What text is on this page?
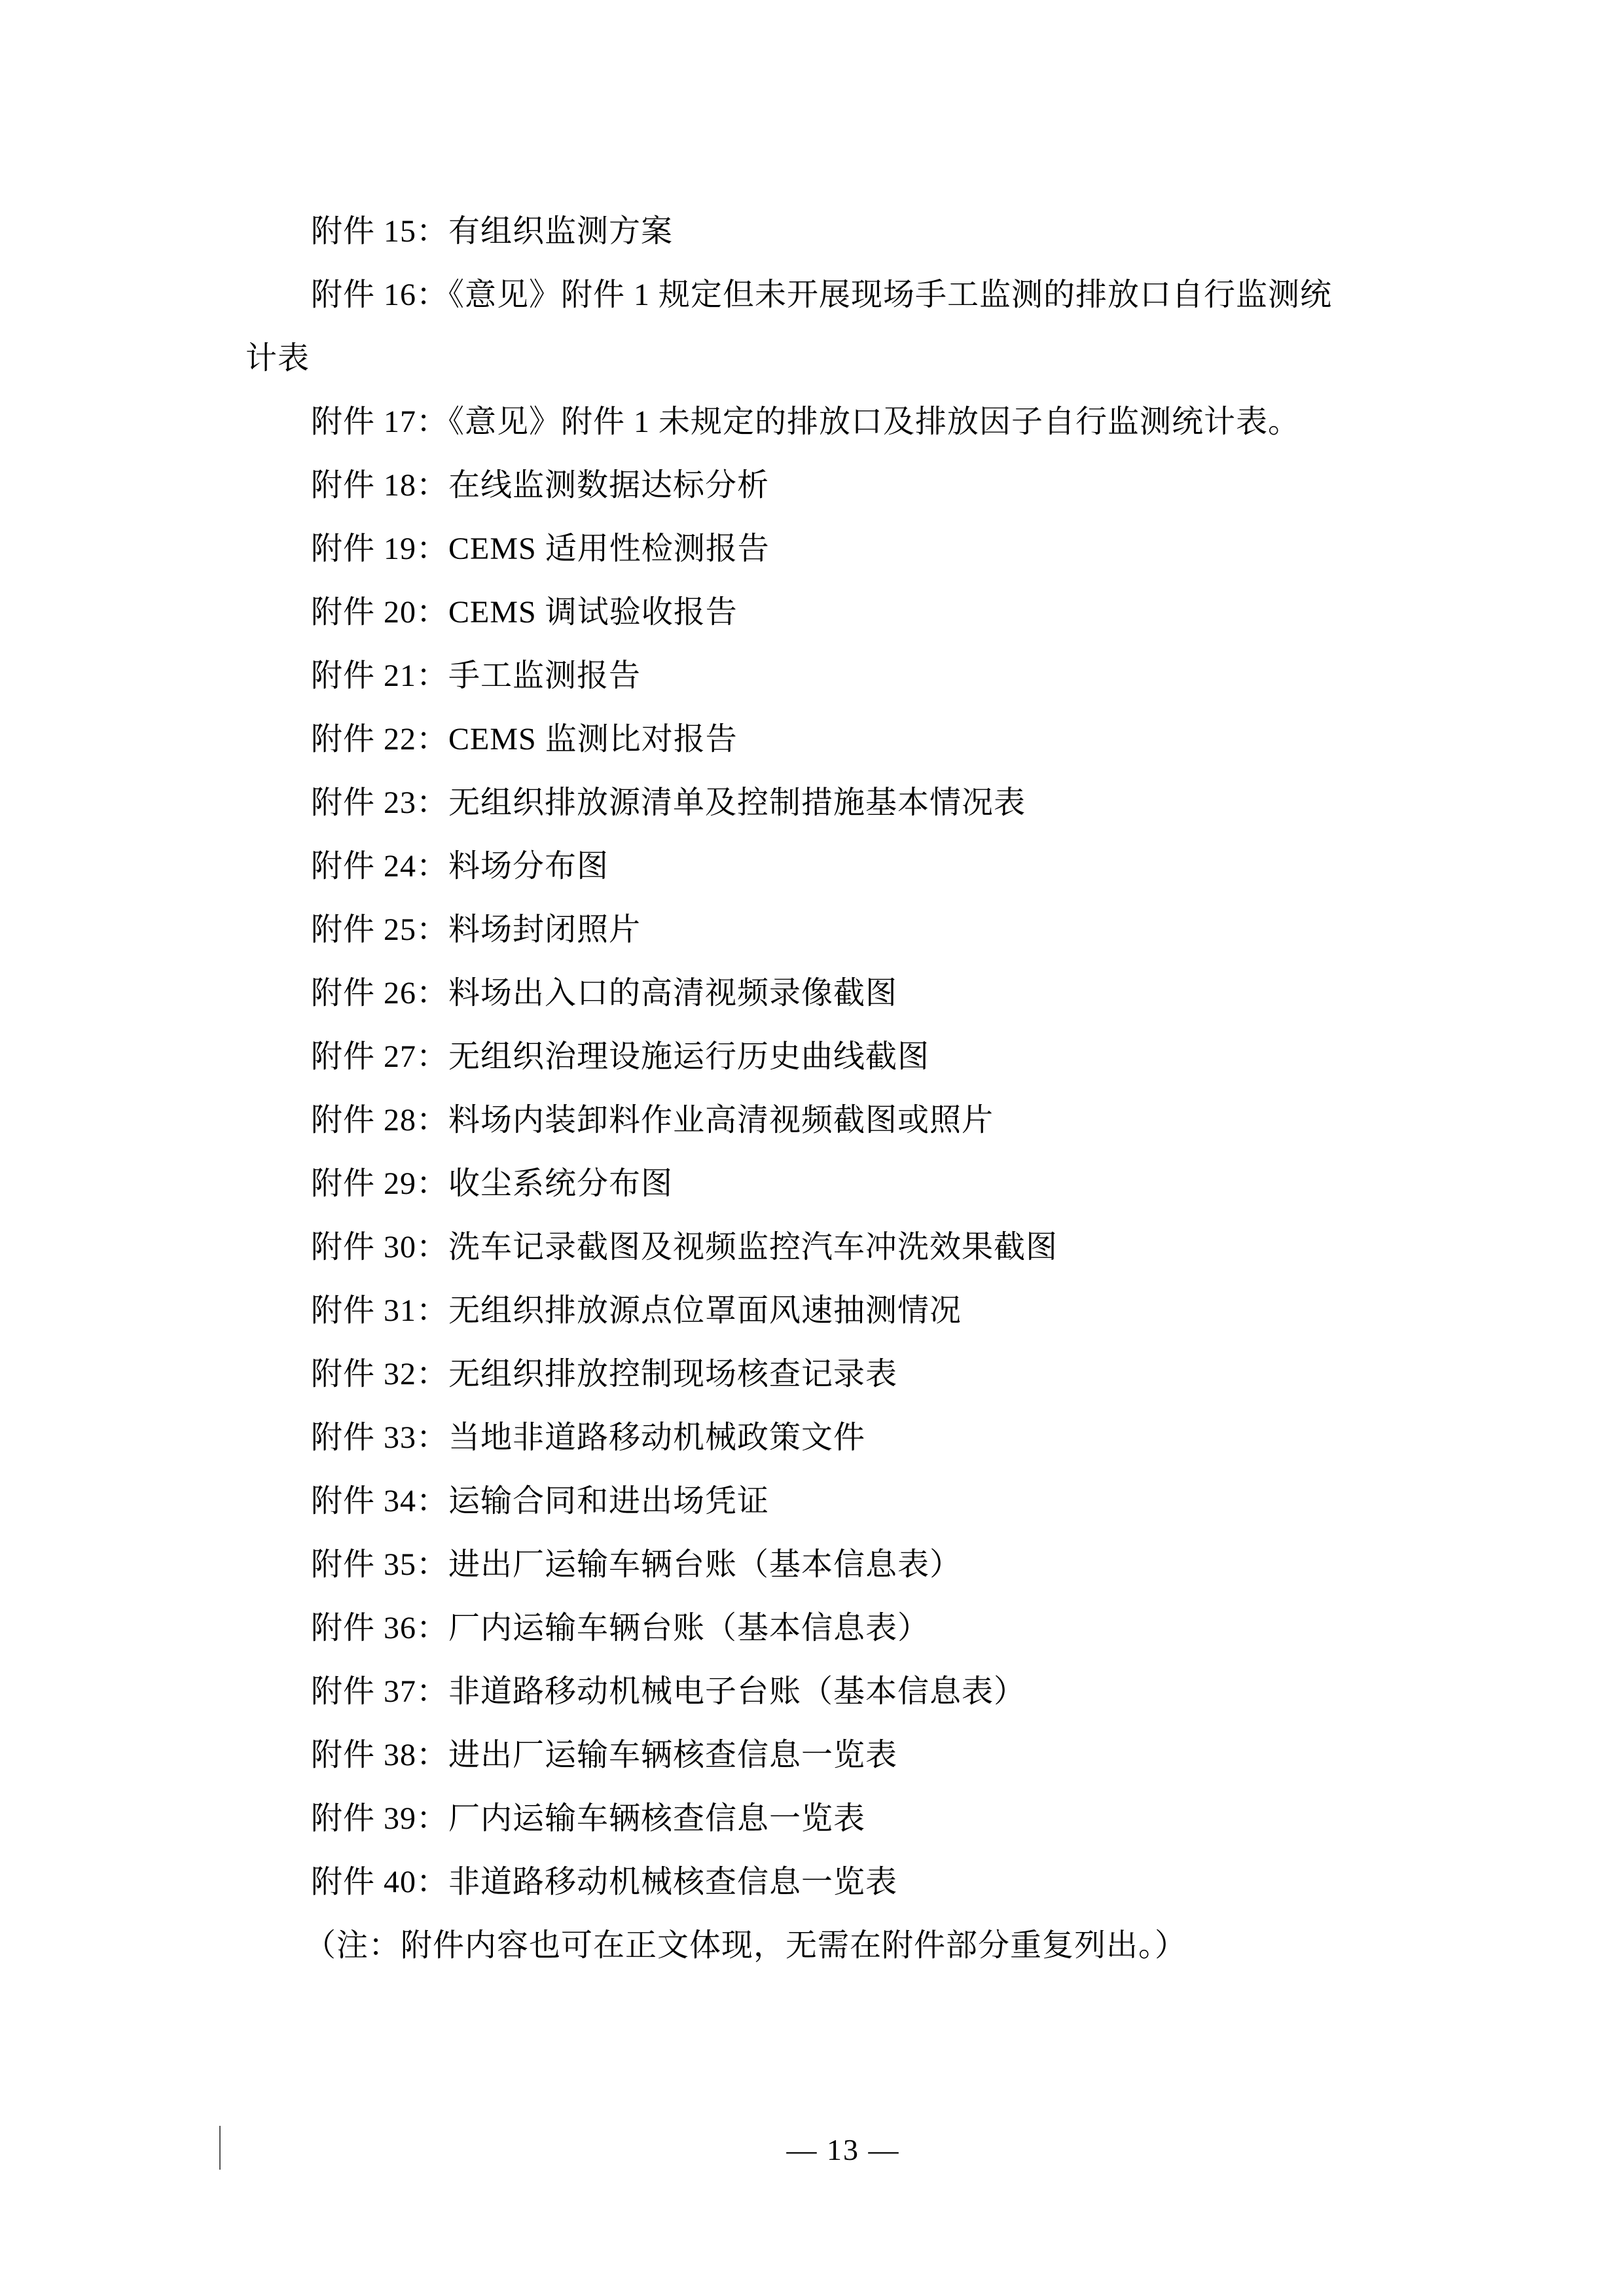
附件 15：有组织监测方案
附件 16：《意见》附件 1 规定但未开展现场手工监测的排放口自行监测统
计表
附件 17：《意见》附件 1 未规定的排放口及排放因子自行监测统计表。
附件 18：在线监测数据达标分析
附件 19：CEMS 适用性检测报告
附件 20：CEMS 调试验收报告
附件 21：手工监测报告
附件 22：CEMS 监测比对报告
附件 23：无组织排放源清单及控制措施基本情况表
附件 24：料场分布图
附件 25：料场封闭照片
附件 26：料场出入口的高清视频录像截图
附件 27：无组织治理设施运行历史曲线截图
附件 28：料场内装卸料作业高清视频截图或照片
附件 29：收尘系统分布图
附件 30：洗车记录截图及视频监控汽车冲洗效果截图
附件 31：无组织排放源点位罩面风速抽测情况
附件 32：无组织排放控制现场核查记录表
附件 33：当地非道路移动机械政策文件
附件 34：运输合同和进出场凭证
附件 35：进出厂运输车辆台账（基本信息表）
附件 36：厂内运输车辆台账（基本信息表）
附件 37：非道路移动机械电子台账（基本信息表）
附件 38：进出厂运输车辆核查信息一览表
附件 39：厂内运输车辆核查信息一览表
附件 40：非道路移动机械核查信息一览表
（注：附件内容也可在正文体现，无需在附件部分重复列出。）
— 13 —
